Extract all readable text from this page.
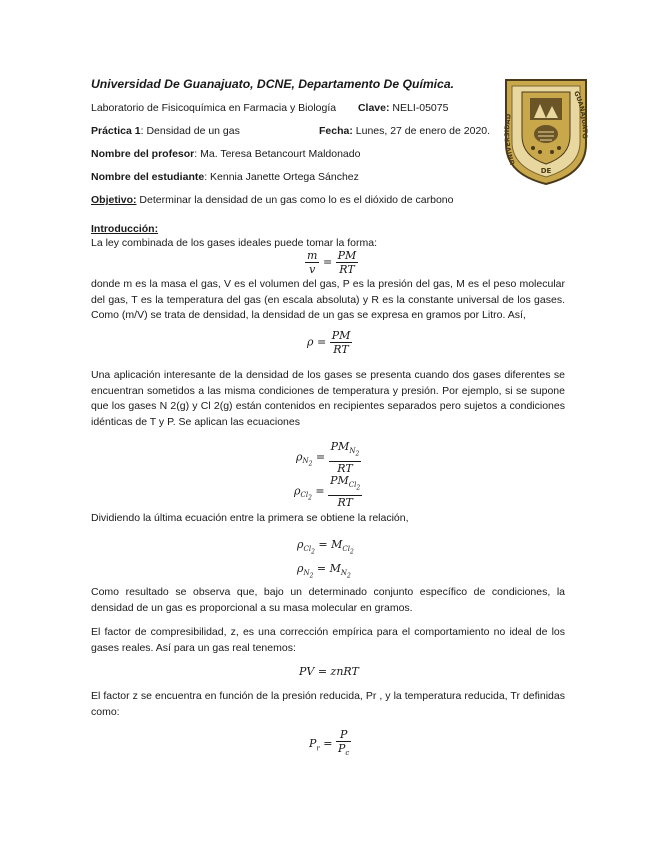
Universidad De Guanajuato, DCNE, Departamento De Química.
Laboratorio de Fisicoquímica en Farmacia y Biología Clave: NELI-05075
Práctica 1: Densidad de un gas	Fecha: Lunes, 27 de enero de 2020.
Nombre del profesor: Ma. Teresa Betancourt Maldonado
Nombre del estudiante: Kennia Janette Ortega Sánchez
Objetivo: Determinar la densidad de un gas como lo es el dióxido de carbono
UNIVERSIDAD
GUANAJUATO
DE
Introducción:
La ley combinada de los gases ideales puede tomar la forma:
$\frac{m}{v} = \frac{PM}{RT}$
donde m es la masa el gas, V es el volumen del gas, P es la presión del gas, M es el peso molecular del gas, T es la temperatura del gas (en escala absoluta) y R es la constante universal de los gases. Como (m/V) se trata de densidad, la densidad de un gas se expresa en gramos por Litro. Así,
$\rho = \frac{PM}{RT}$
Una aplicación interesante de la densidad de los gases se presenta cuando dos gases diferentes se encuentran sometidos a las misma condiciones de temperatura y presión. Por ejemplo, si se supone que los gases N 2(g) y Cl 2(g) están contenidos en recipientes separados pero sujetos a condiciones idénticas de T y P. Se aplican las ecuaciones
$\rho_{N_2} = \frac{PM_{N_2}}{RT}$
$\rho_{Cl_2} = \frac{PM_{Cl_2}}{RT}$
Dividiendo la última ecuación entre la primera se obtiene la relación,
$\rho_{Cl_2} = M_{Cl_2}$
$\rho_{N_2} = M_{N_2}$
Como resultado se observa que, bajo un determinado conjunto específico de condiciones, la densidad de un gas es proporcional a su masa molecular en gramos.
El factor de compresibilidad, z, es una corrección empírica para el comportamiento no ideal de los gases reales. Así para un gas real tenemos:
PV = znRT
El factor z se encuentra en función de la presión reducida, Pr , y la temperatura reducida, Tr definidas como:
$P_r = \frac{P}{P_c}$
